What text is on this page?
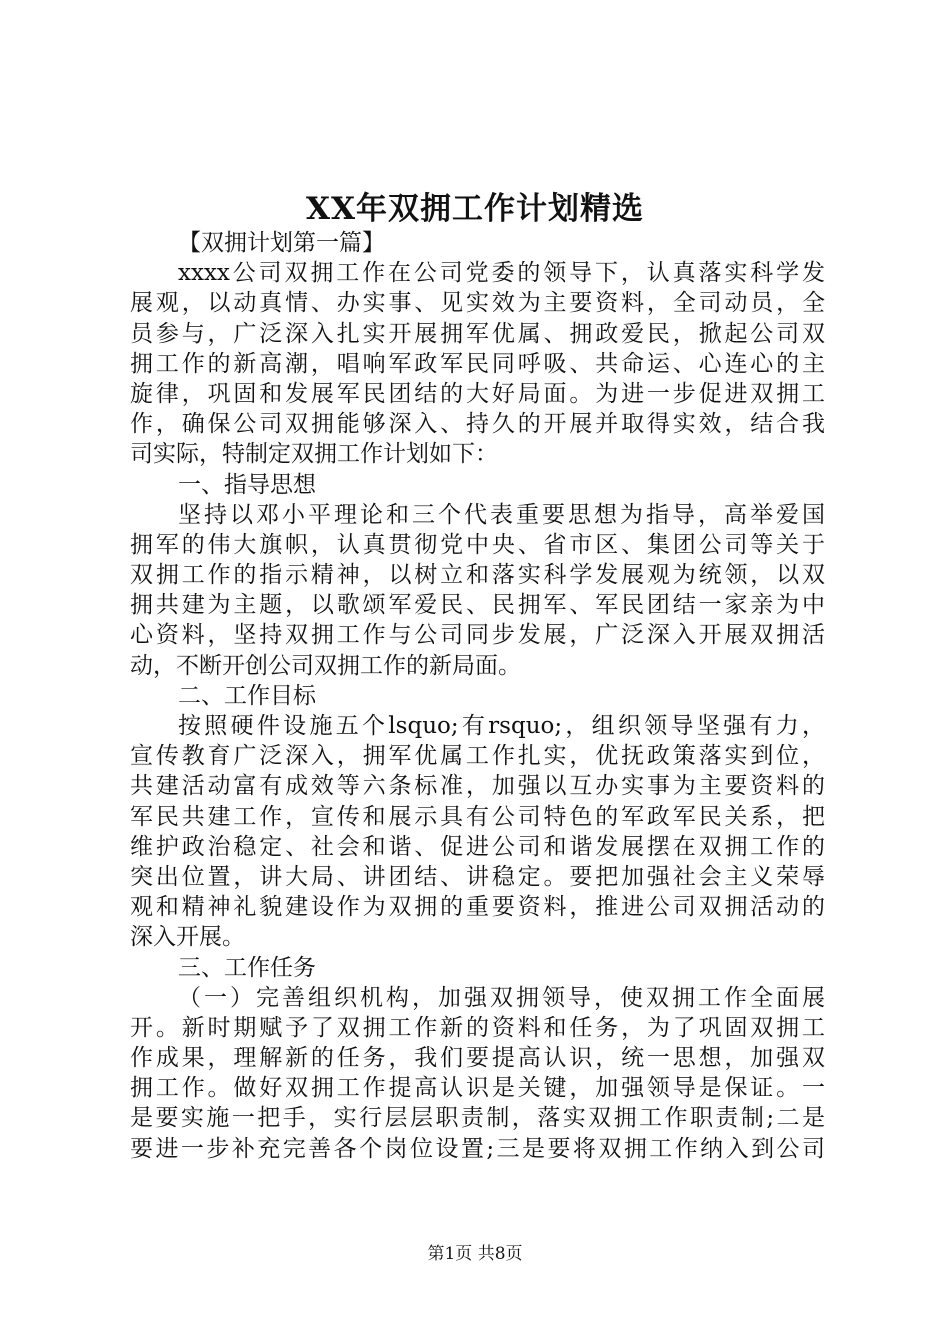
XX年双拥工作计划精选
【双拥计划第一篇】
xxxx公司双拥工作在公司党委的领导下，认真落实科学发
展观，以动真情、办实事、见实效为主要资料，全司动员，全
员参与，广泛深入扎实开展拥军优属、拥政爱民，掀起公司双
拥工作的新高潮，唱响军政军民同呼吸、共命运、心连心的主
旋律，巩固和发展军民团结的大好局面。为进一步促进双拥工
作，确保公司双拥能够深入、持久的开展并取得实效，结合我
司实际，特制定双拥工作计划如下：
一、指导思想
坚持以邓小平理论和三个代表重要思想为指导，高举爱国
拥军的伟大旗帜，认真贯彻党中央、省市区、集团公司等关于
双拥工作的指示精神，以树立和落实科学发展观为统领，以双
拥共建为主题，以歌颂军爱民、民拥军、军民团结一家亲为中
心资料，坚持双拥工作与公司同步发展，广泛深入开展双拥活
动，不断开创公司双拥工作的新局面。
二、工作目标
按照硬件设施五个lsquo;有rsquo;，组织领导坚强有力，
宣传教育广泛深入，拥军优属工作扎实，优抚政策落实到位，
共建活动富有成效等六条标准，加强以互办实事为主要资料的
军民共建工作，宣传和展示具有公司特色的军政军民关系，把
维护政治稳定、社会和谐、促进公司和谐发展摆在双拥工作的
突出位置，讲大局、讲团结、讲稳定。要把加强社会主义荣辱
观和精神礼貌建设作为双拥的重要资料，推进公司双拥活动的
深入开展。
三、工作任务
（一）完善组织机构，加强双拥领导，使双拥工作全面展
开。新时期赋予了双拥工作新的资料和任务，为了巩固双拥工
作成果，理解新的任务，我们要提高认识，统一思想，加强双
拥工作。做好双拥工作提高认识是关键，加强领导是保证。一
是要实施一把手，实行层层职责制，落实双拥工作职责制;二是
要进一步补充完善各个岗位设置;三是要将双拥工作纳入到公司
第1页 共8页
